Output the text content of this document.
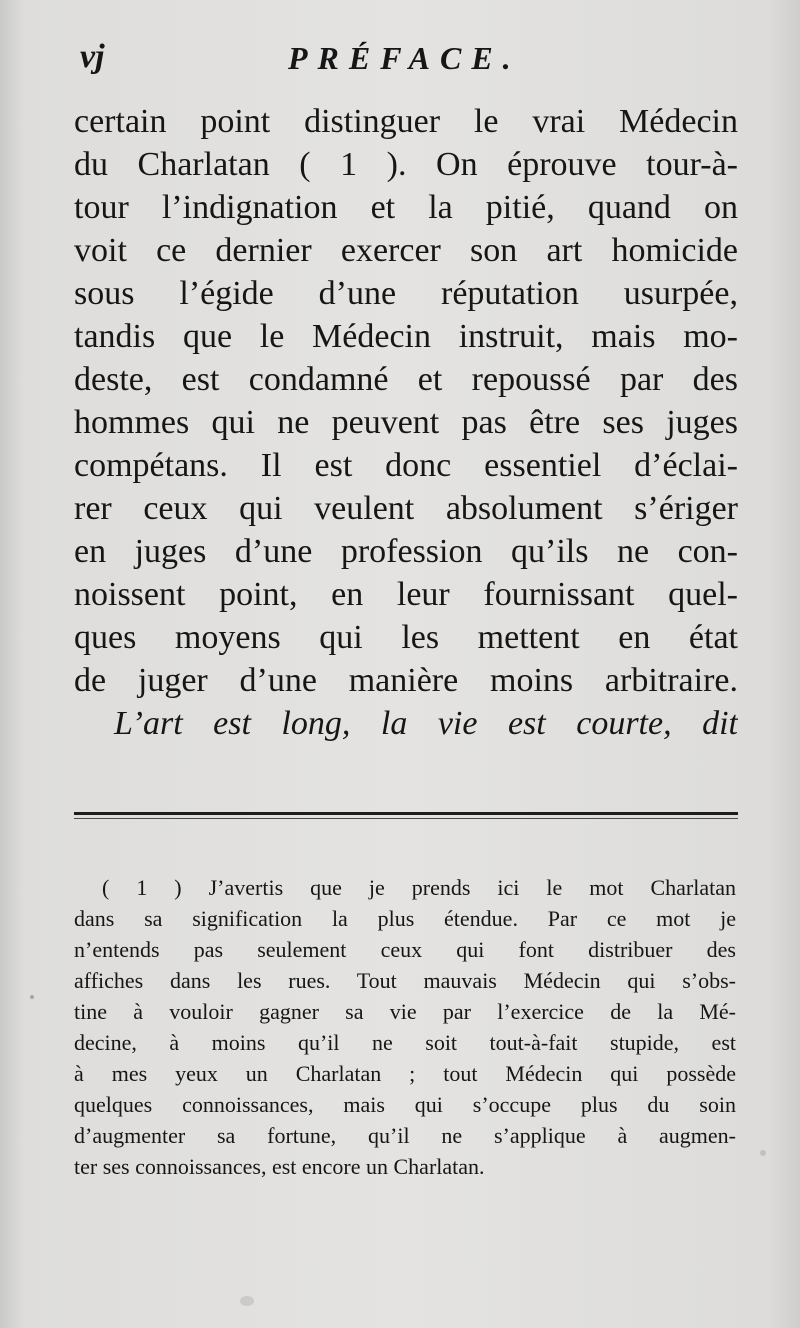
vj	PRÉFACE.
certain point distinguer le vrai Médecin
du Charlatan ( 1 ). On éprouve tour-à-
tour l’indignation et la pitié, quand on
voit ce dernier exercer son art homicide
sous l’égide d’une réputation usurpée,
tandis que le Médecin instruit, mais mo-
deste, est condamné et repoussé par des
hommes qui ne peuvent pas être ses juges
compétans. Il est donc essentiel d’éclai-
rer ceux qui veulent absolument s’ériger
en juges d’une profession qu’ils ne con-
noissent point, en leur fournissant quel-
ques moyens qui les mettent en état
de juger d’une manière moins arbitraire.
L’art est long, la vie est courte, dit
( 1 ) J’avertis que je prends ici le mot Charlatan
dans sa signification la plus étendue. Par ce mot je
n’entends pas seulement ceux qui font distribuer des
affiches dans les rues. Tout mauvais Médecin qui s’obs-
tine à vouloir gagner sa vie par l’exercice de la Mé-
decine, à moins qu’il ne soit tout-à-fait stupide, est
à mes yeux un Charlatan ; tout Médecin qui possède
quelques connoissances, mais qui s’occupe plus du soin
d’augmenter sa fortune, qu’il ne s’applique à augmen-
ter ses connoissances, est encore un Charlatan.
